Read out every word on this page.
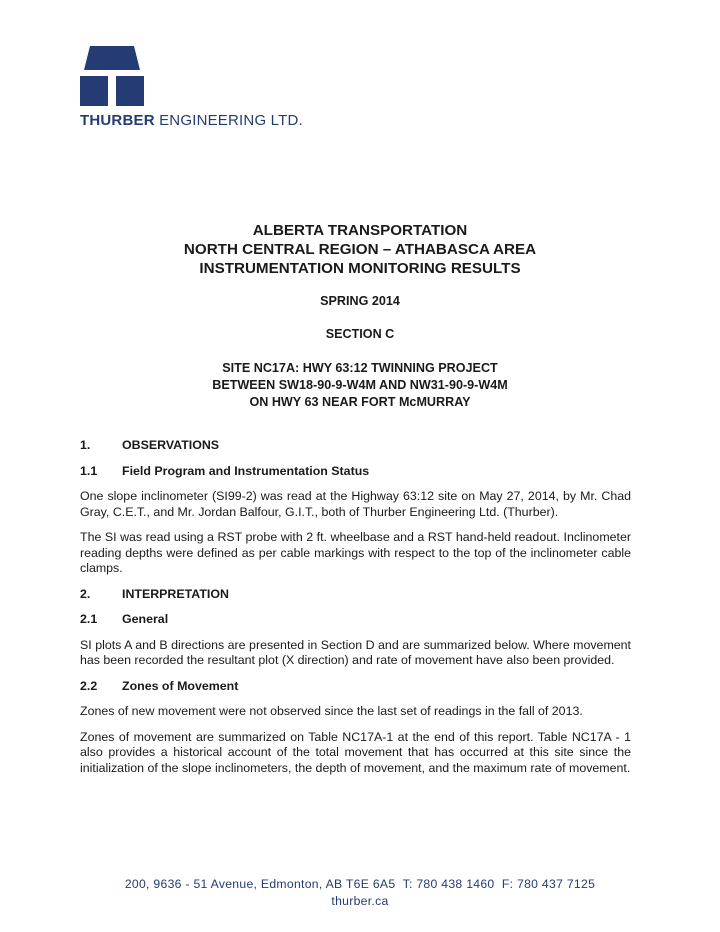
THURBER ENGINEERING LTD.
ALBERTA TRANSPORTATION
NORTH CENTRAL REGION – ATHABASCA AREA
INSTRUMENTATION MONITORING RESULTS
SPRING 2014
SECTION C
SITE NC17A: HWY 63:12 TWINNING PROJECT
BETWEEN SW18-90-9-W4M AND NW31-90-9-W4M
ON HWY 63 NEAR FORT McMURRAY
1.	OBSERVATIONS
1.1	Field Program and Instrumentation Status

One slope inclinometer (SI99-2) was read at the Highway 63:12 site on May 27, 2014, by Mr. Chad Gray, C.E.T., and Mr. Jordan Balfour, G.I.T., both of Thurber Engineering Ltd. (Thurber).

The SI was read using a RST probe with 2 ft. wheelbase and a RST hand-held readout. Inclinometer reading depths were defined as per cable markings with respect to the top of the inclinometer cable clamps.

2.	INTERPRETATION
2.1	General

SI plots A and B directions are presented in Section D and are summarized below. Where movement has been recorded the resultant plot (X direction) and rate of movement have also been provided.

2.2	Zones of Movement

Zones of new movement were not observed since the last set of readings in the fall of 2013.

Zones of movement are summarized on Table NC17A-1 at the end of this report. Table NC17A - 1 also provides a historical account of the total movement that has occurred at this site since the initialization of the slope inclinometers, the depth of movement, and the maximum rate of movement.

200, 9636 - 51 Avenue, Edmonton, AB T6E 6A5 T: 780 438 1460 F: 780 437 7125
thurber.ca
